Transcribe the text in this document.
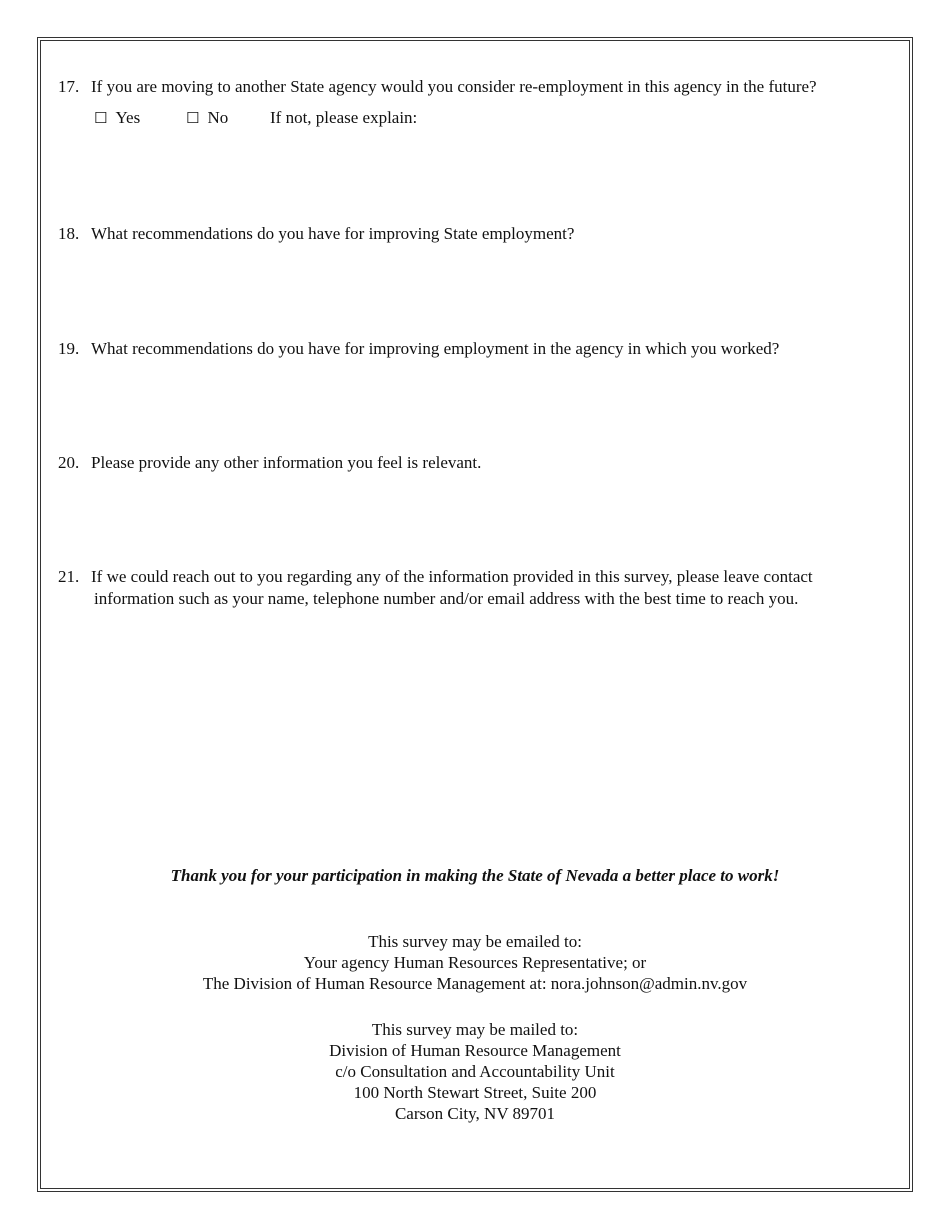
17. If you are moving to another State agency would you consider re-employment in this agency in the future?
☐ Yes	☐ No If not, please explain:
18. What recommendations do you have for improving State employment?
19. What recommendations do you have for improving employment in the agency in which you worked?
20. Please provide any other information you feel is relevant.
21. If we could reach out to you regarding any of the information provided in this survey, please leave contact
information such as your name, telephone number and/or email address with the best time to reach you.
Thank you for your participation in making the State of Nevada a better place to work!
This survey may be emailed to:
Your agency Human Resources Representative; or
The Division of Human Resource Management at: nora.johnson@admin.nv.gov
This survey may be mailed to:
Division of Human Resource Management
c/o Consultation and Accountability Unit
100 North Stewart Street, Suite 200
Carson City, NV 89701
